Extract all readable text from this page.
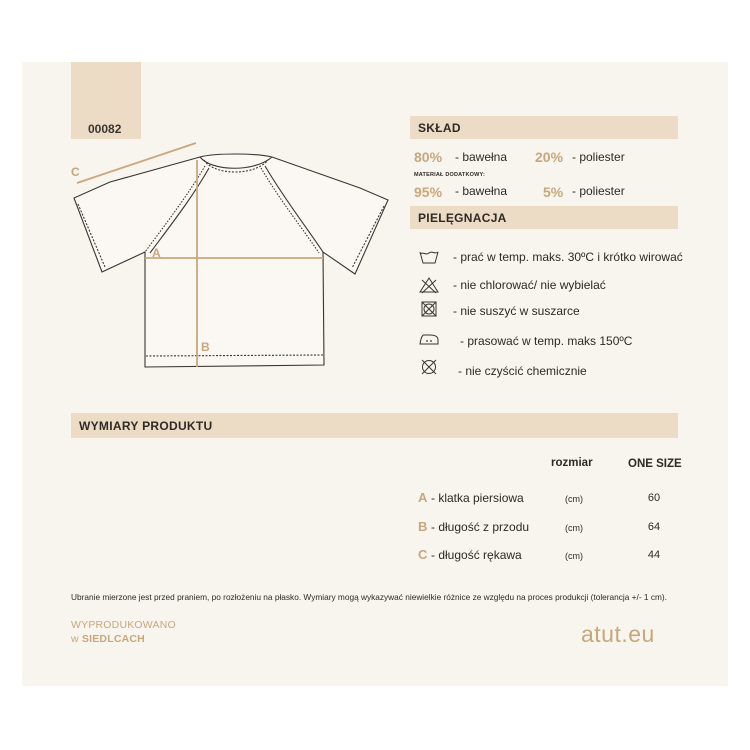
00082
C
A
B
SKŁAD
80% - bawełna 20% - poliester
MATERIAŁ DODATKOWY:
95% - bawełna	5% - poliester
PIELĘGNACJA
- prać w temp. maks. 30ºC i krótko wirować
- nie chlorować/ nie wybielać
- nie suszyć w suszarce
- prasować w temp. maks 150ºC
- nie czyścić chemicznie
WYMIARY PRODUKTU
rozmiar	ONE SIZE
A - klatka piersiowa	(cm)	60
B - długość z przodu	(cm)	64
C - długość rękawa	(cm)	44
Ubranie mierzone jest przed praniem, po rozłożeniu na płasko. Wymiary mogą wykazywać niewielkie różnice ze względu na proces produkcji (tolerancja +/- 1 cm).
WYPRODUKOWANO
w SIEDLCACH	atut.eu
